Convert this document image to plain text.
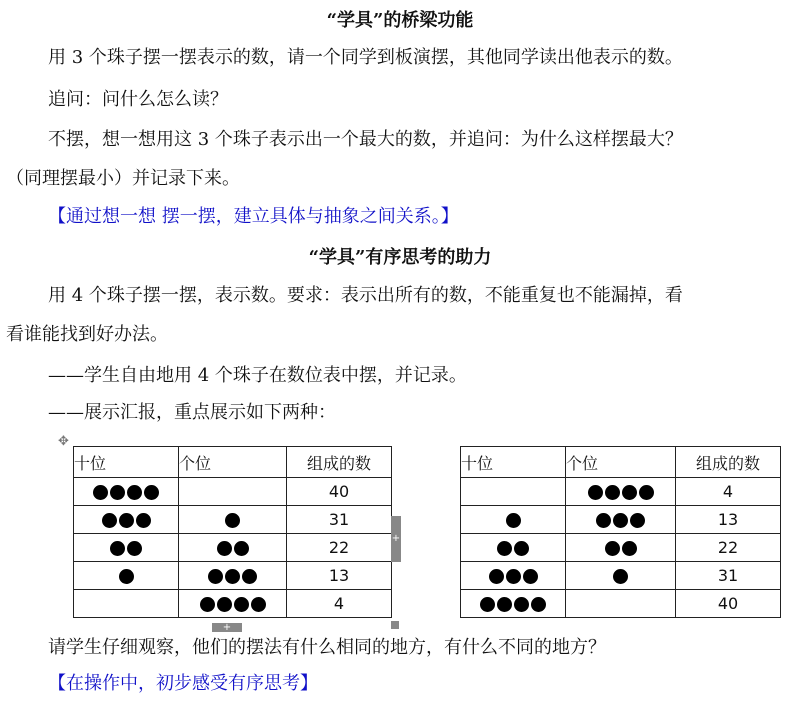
“学具”的桥梁功能
用 3 个珠子摆一摆表示的数，请一个同学到板演摆，其他同学读出他表示的数。
追问：问什么怎么读？
不摆，想一想用这 3 个珠子表示出一个最大的数，并追问：为什么这样摆最大？
（同理摆最小）并记录下来。
【通过想一想 摆一摆，建立具体与抽象之间关系。】
“学具”有序思考的助力
用 4 个珠子摆一摆，表示数。要求：表示出所有的数，不能重复也不能漏掉，看
看谁能找到好办法。
——学生自由地用 4 个珠子在数位表中摆，并记录。
——展示汇报，重点展示如下两种：
✥
十位	个位	组成的数
		40
		31
		22
		13
		4
十位	个位	组成的数
		4
		13
		22
		31
		40
+
+
请学生仔细观察，他们的摆法有什么相同的地方，有什么不同的地方？
【在操作中，初步感受有序思考】
